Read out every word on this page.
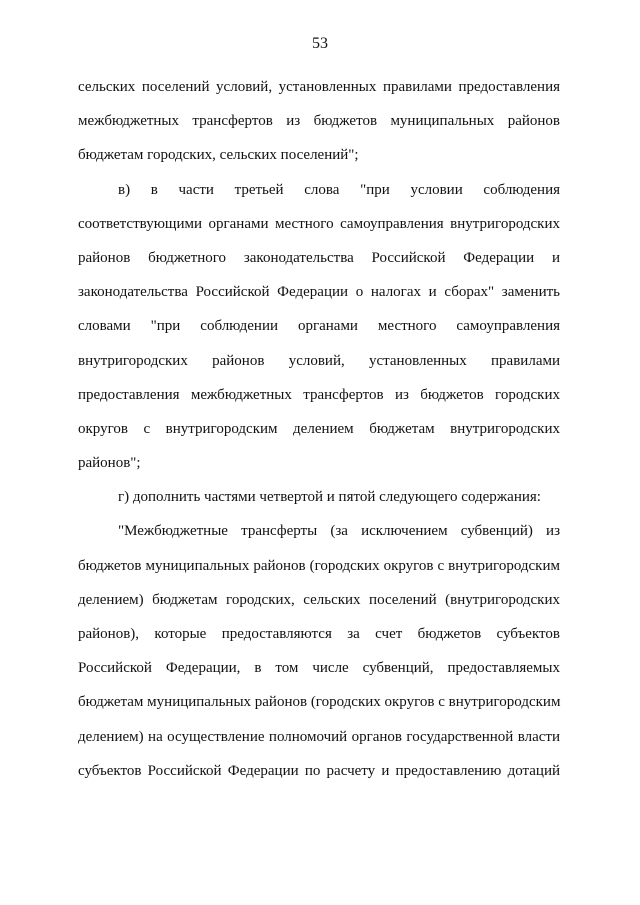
53
сельских поселений условий, установленных правилами предоставления
межбюджетных трансфертов из бюджетов муниципальных районов
бюджетам городских, сельских поселений";
в) в части третьей слова "при условии соблюдения
соответствующими органами местного самоуправления внутригородских
районов бюджетного законодательства Российской Федерации и
законодательства Российской Федерации о налогах и сборах" заменить
словами "при соблюдении органами местного самоуправления
внутригородских районов условий, установленных правилами
предоставления межбюджетных трансфертов из бюджетов городских
округов с внутригородским делением бюджетам внутригородских
районов";
г) дополнить частями четвертой и пятой следующего содержания:
"Межбюджетные трансферты (за исключением субвенций) из
бюджетов муниципальных районов (городских округов с внутригородским
делением) бюджетам городских, сельских поселений (внутригородских
районов), которые предоставляются за счет бюджетов субъектов
Российской Федерации, в том числе субвенций, предоставляемых
бюджетам муниципальных районов (городских округов с внутригородским
делением) на осуществление полномочий органов государственной власти
субъектов Российской Федерации по расчету и предоставлению дотаций
